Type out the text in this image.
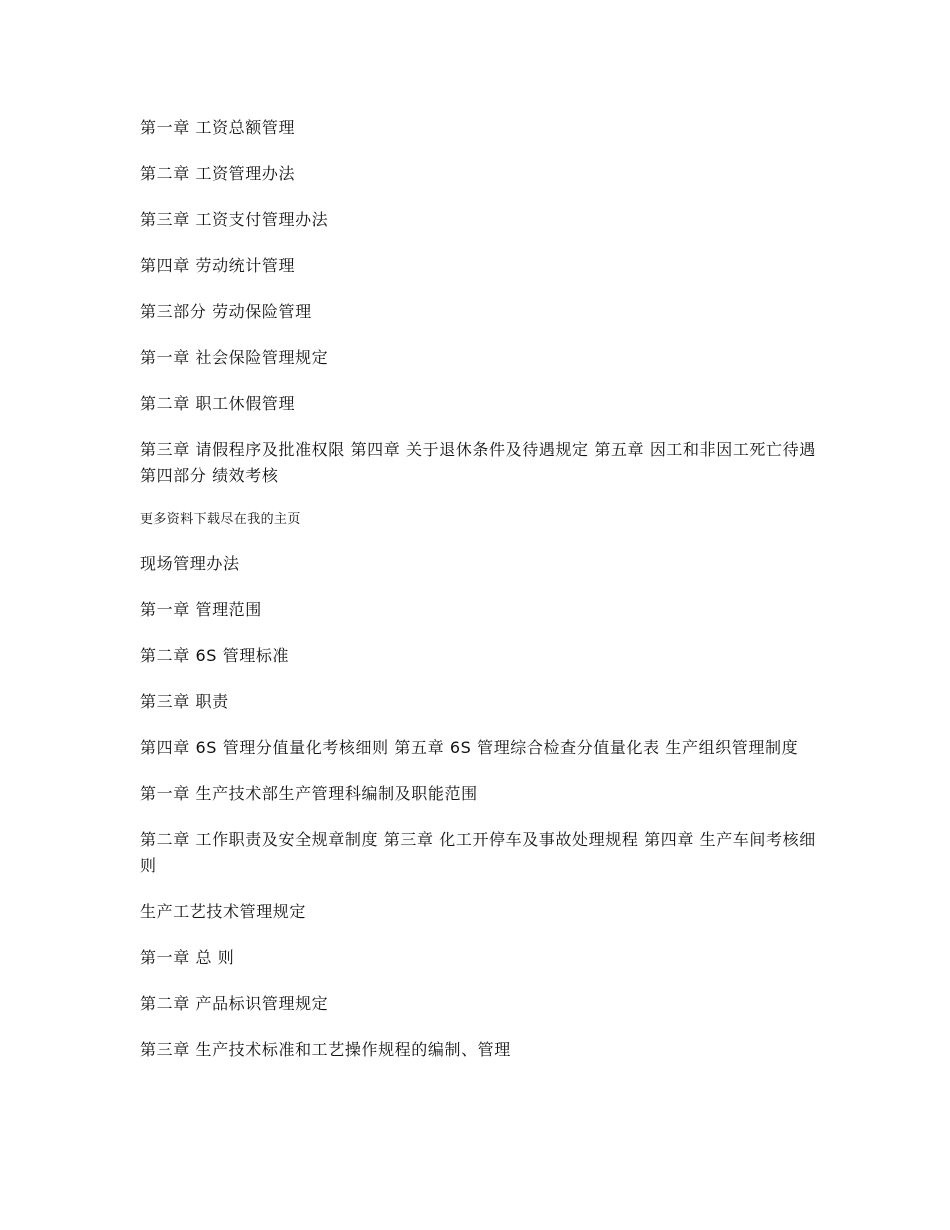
第一章 工资总额管理

第二章 工资管理办法

第三章 工资支付管理办法

第四章 劳动统计管理

第三部分 劳动保险管理

第一章 社会保险管理规定

第二章 职工休假管理

第三章 请假程序及批准权限 第四章 关于退休条件及待遇规定 第五章 因工和非因工死亡待遇 第四部分 绩效考核

更多资料下载尽在我的主页

现场管理办法

第一章 管理范围

第二章 6S 管理标准

第三章 职责

第四章 6S 管理分值量化考核细则 第五章 6S 管理综合检查分值量化表 生产组织管理制度

第一章 生产技术部生产管理科编制及职能范围

第二章 工作职责及安全规章制度 第三章 化工开停车及事故处理规程 第四章 生产车间考核细则

生产工艺技术管理规定

第一章 总 则

第二章 产品标识管理规定

第三章 生产技术标准和工艺操作规程的编制、管理
